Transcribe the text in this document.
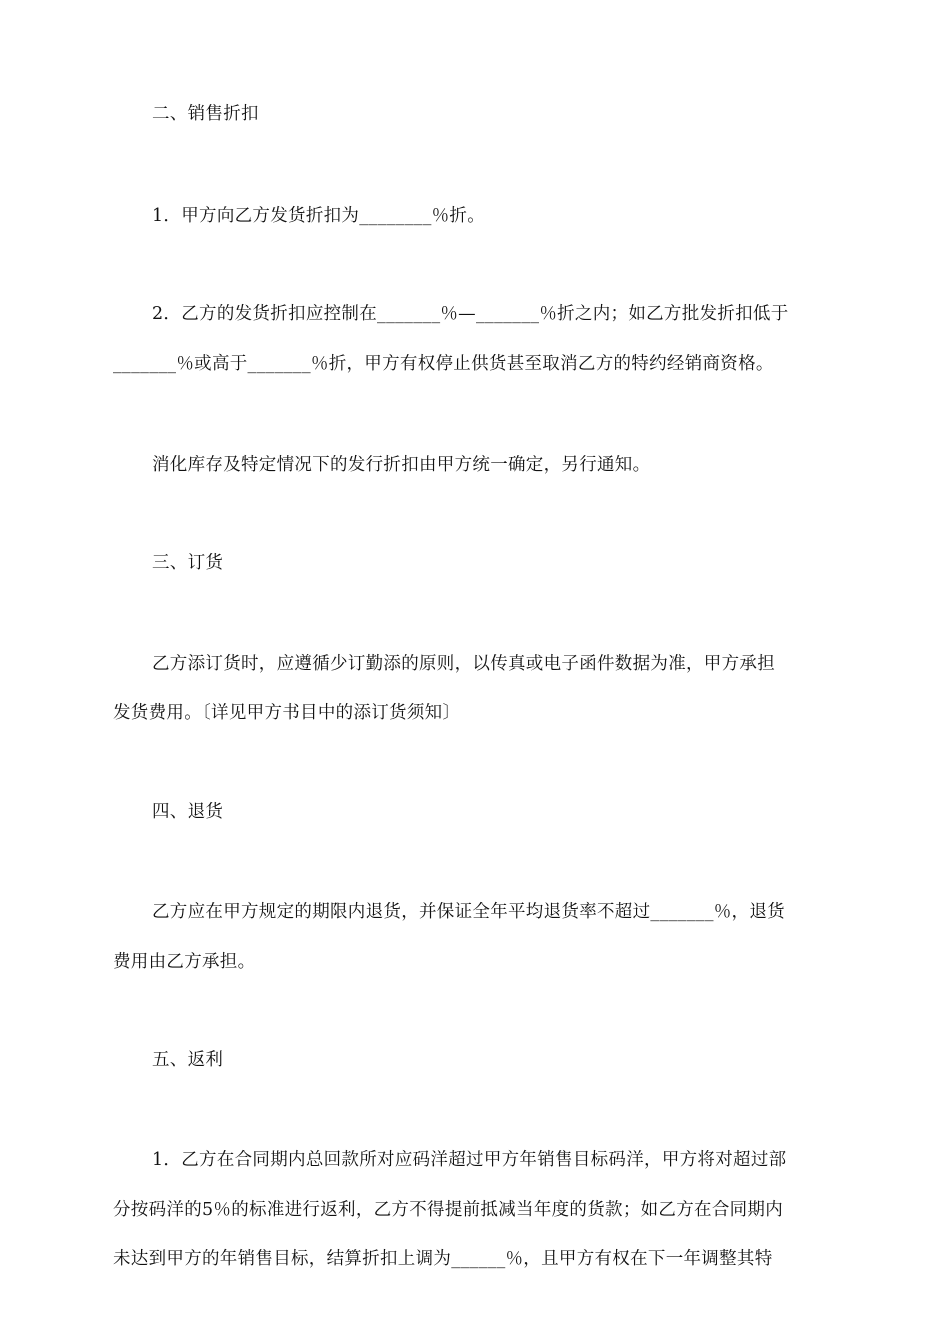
二、销售折扣
1．甲方向乙方发货折扣为________％折。
2．乙方的发货折扣应控制在_______％—_______％折之内；如乙方批发折扣低于
_______％或高于_______％折，甲方有权停止供货甚至取消乙方的特约经销商资格。
消化库存及特定情况下的发行折扣由甲方统一确定，另行通知。
三、订货
乙方添订货时，应遵循少订勤添的原则，以传真或电子函件数据为准，甲方承担
发货费用。〔详见甲方书目中的添订货须知〕
四、退货
乙方应在甲方规定的期限内退货，并保证全年平均退货率不超过_______％，退货
费用由乙方承担。
五、返利
1．乙方在合同期内总回款所对应码洋超过甲方年销售目标码洋，甲方将对超过部
分按码洋的5％的标准进行返利，乙方不得提前抵减当年度的货款；如乙方在合同期内
未达到甲方的年销售目标，结算折扣上调为______％，且甲方有权在下一年调整其特
